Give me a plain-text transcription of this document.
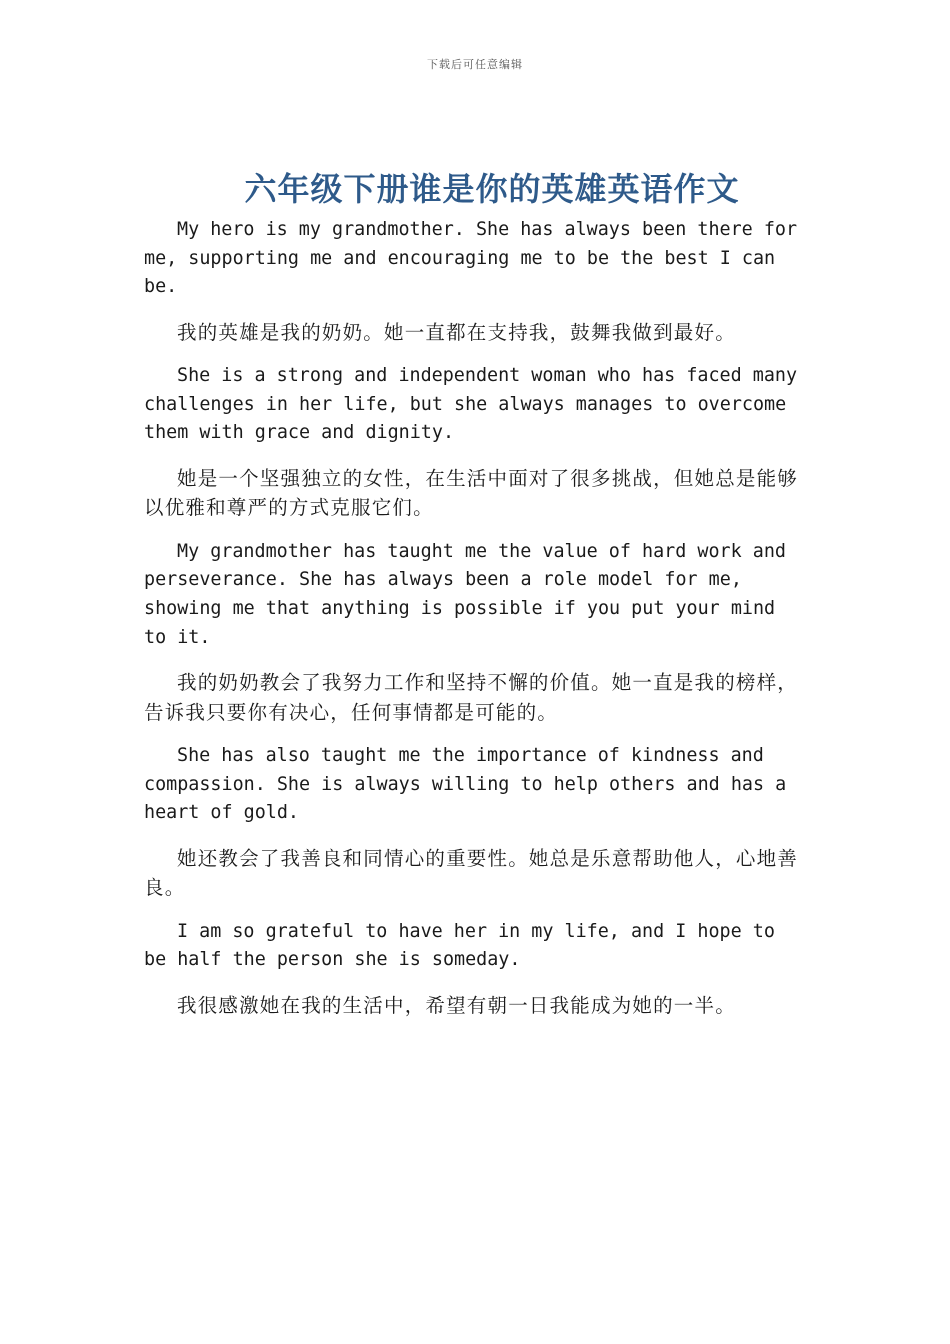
下载后可任意编辑
六年级下册谁是你的英雄英语作文

My hero is my grandmother. She has always been there for me, supporting me and encouraging me to be the best I can be.

我的英雄是我的奶奶。她一直都在支持我，鼓舞我做到最好。

She is a strong and independent woman who has faced many challenges in her life, but she always manages to overcome them with grace and dignity.

她是一个坚强独立的女性，在生活中面对了很多挑战，但她总是能够以优雅和尊严的方式克服它们。

My grandmother has taught me the value of hard work and perseverance. She has always been a role model for me, showing me that anything is possible if you put your mind to it.

我的奶奶教会了我努力工作和坚持不懈的价值。她一直是我的榜样，告诉我只要你有决心，任何事情都是可能的。

She has also taught me the importance of kindness and compassion. She is always willing to help others and has a heart of gold.

她还教会了我善良和同情心的重要性。她总是乐意帮助他人，心地善良。

I am so grateful to have her in my life, and I hope to be half the person she is someday.

我很感激她在我的生活中，希望有朝一日我能成为她的一半。
